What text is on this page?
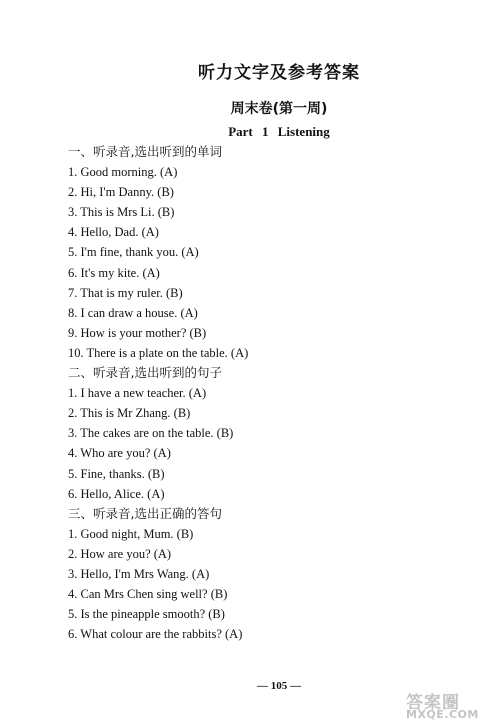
听力文字及参考答案
周末卷(第一周)
Part 1 Listening
一、听录音,选出听到的单词
1. Good morning. (A)
2. Hi, I'm Danny. (B)
3. This is Mrs Li. (B)
4. Hello, Dad. (A)
5. I'm fine, thank you. (A)
6. It's my kite. (A)
7. That is my ruler. (B)
8. I can draw a house. (A)
9. How is your mother? (B)
10. There is a plate on the table. (A)
二、听录音,选出听到的句子
1. I have a new teacher. (A)
2. This is Mr Zhang. (B)
3. The cakes are on the table. (B)
4. Who are you? (A)
5. Fine, thanks. (B)
6. Hello, Alice. (A)
三、听录音,选出正确的答句
1. Good night, Mum. (B)
2. How are you? (A)
3. Hello, I'm Mrs Wang. (A)
4. Can Mrs Chen sing well? (B)
5. Is the pineapple smooth? (B)
6. What colour are the rabbits? (A)
— 105 —
答案圈
MXQE.COM
